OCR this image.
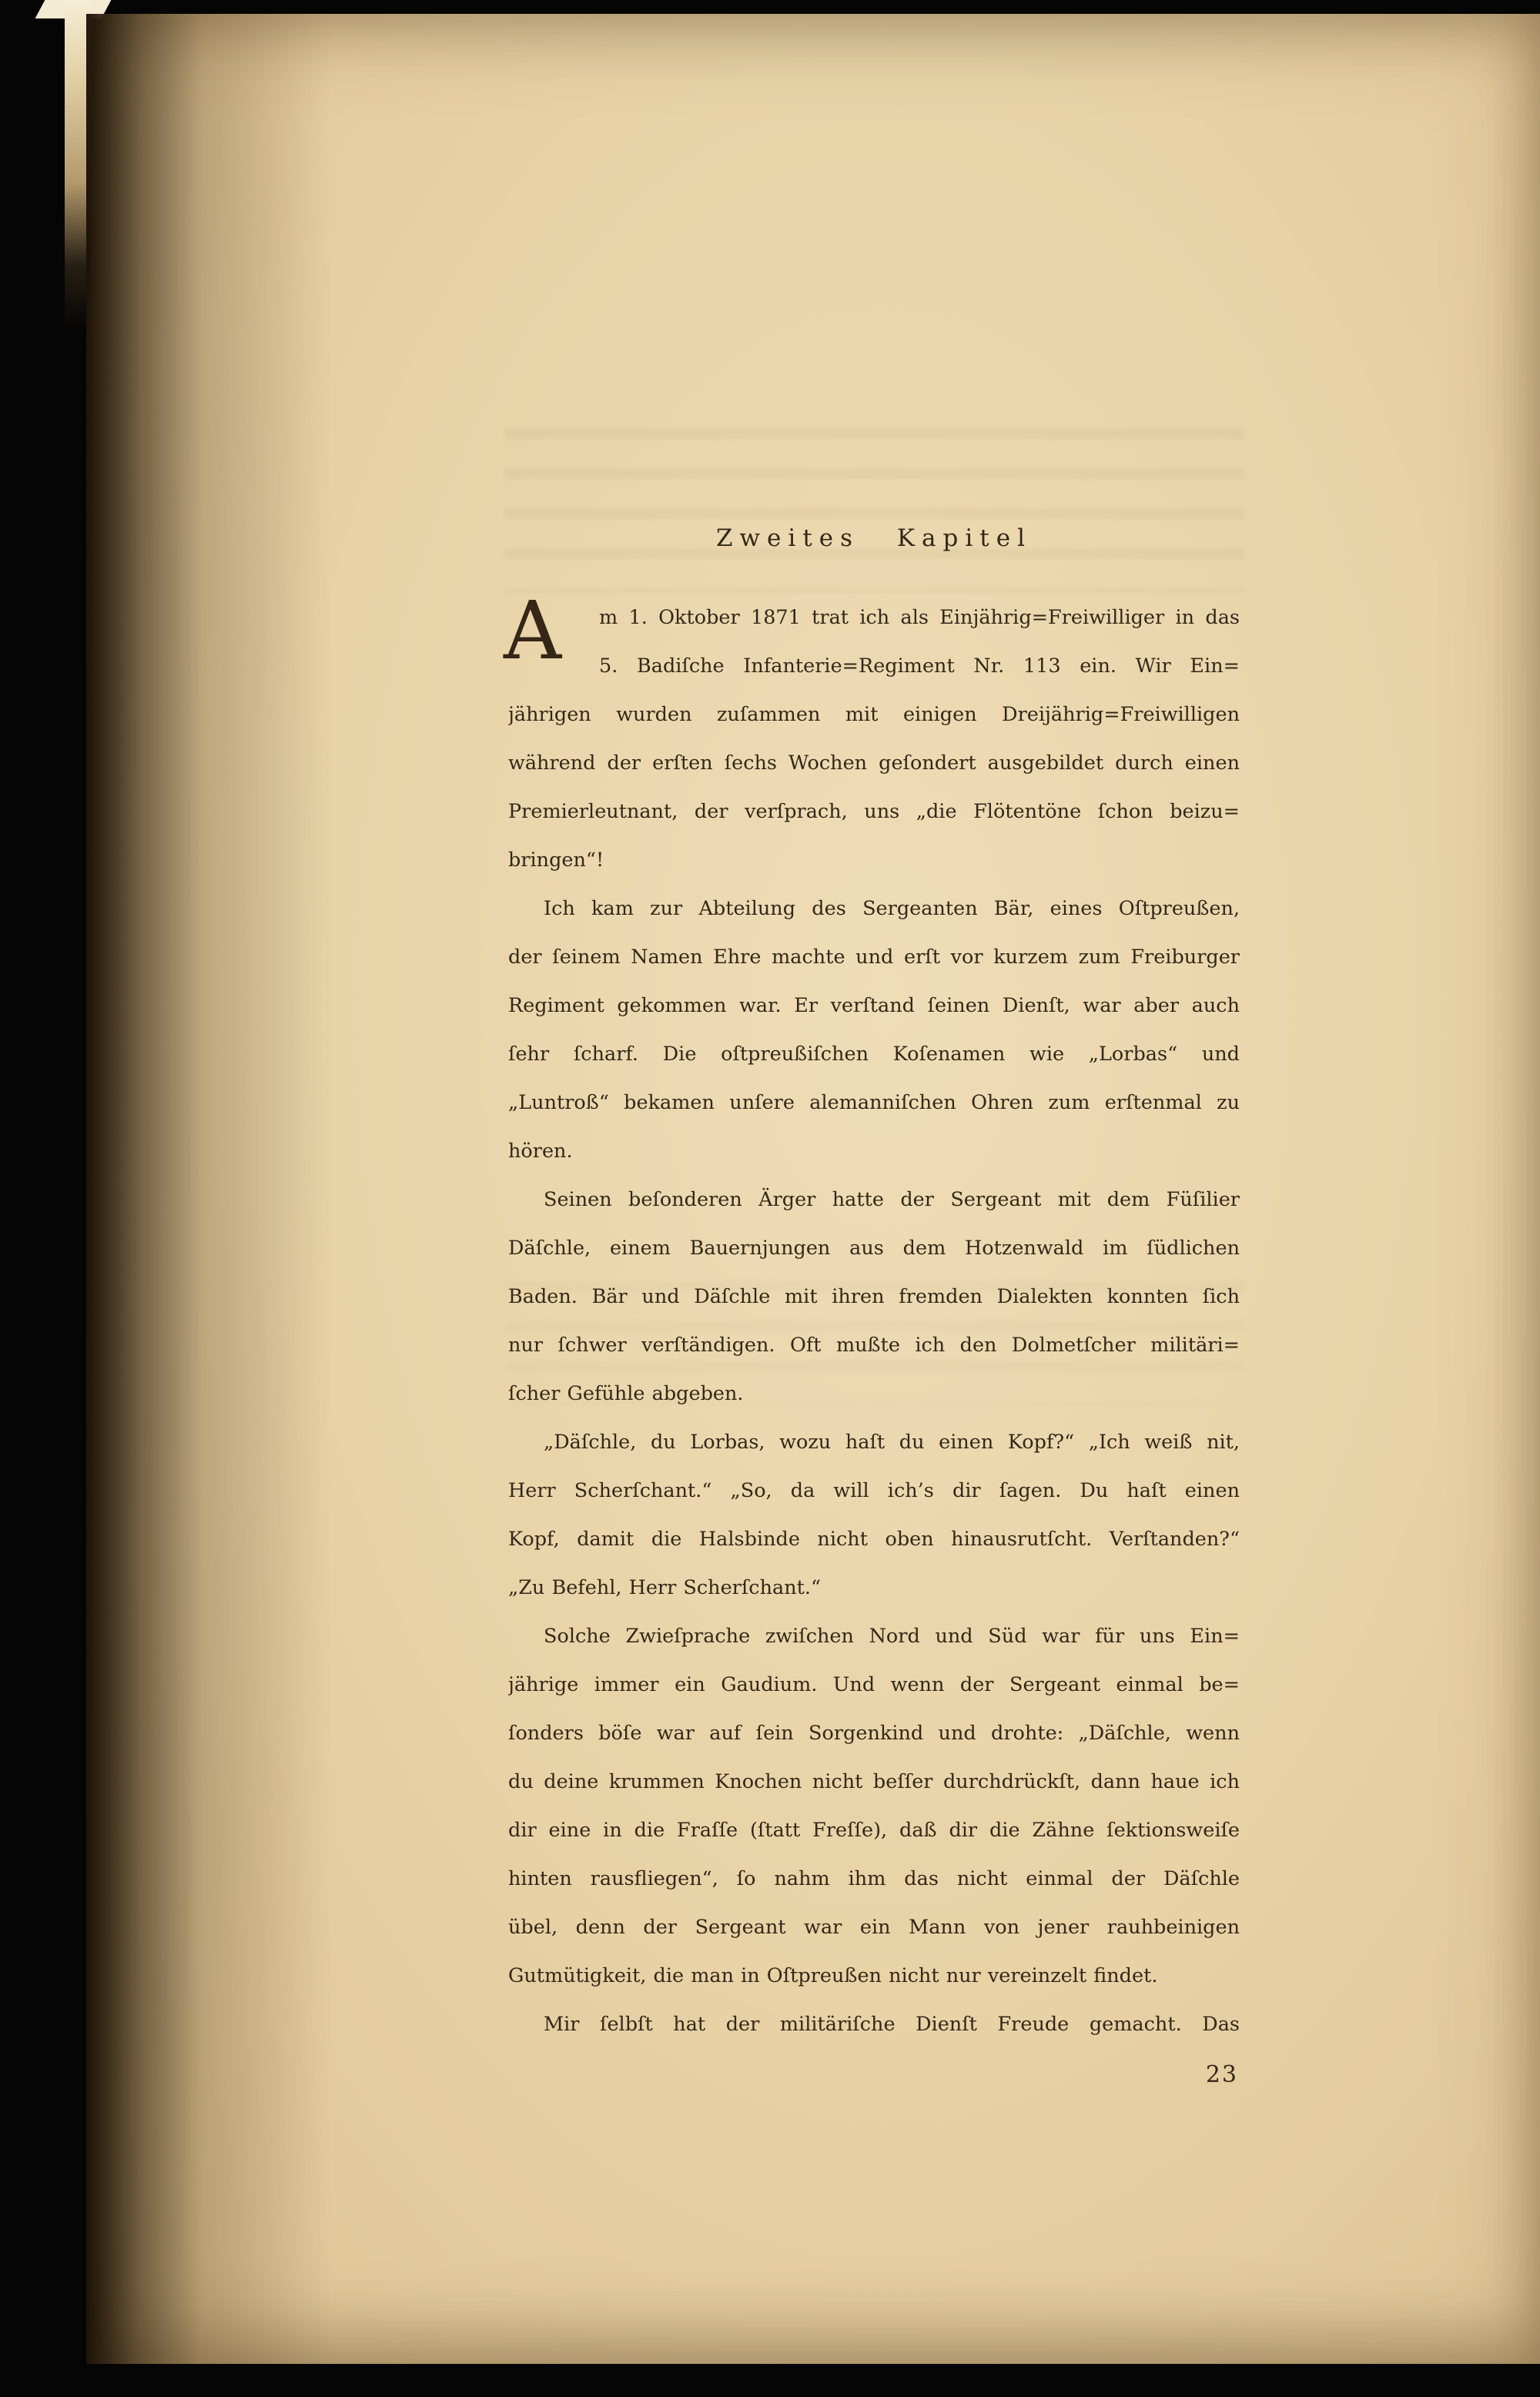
Zweites Kapitel
A	m 1. Oktober 1871 trat ich als Einjährig=Freiwilliger in das
5. Badiſche Infanterie=Regiment Nr. 113 ein. Wir Ein=
jährigen wurden zuſammen mit einigen Dreijährig=Freiwilligen
während der erſten ſechs Wochen geſondert ausgebildet durch einen
Premierleutnant, der verſprach, uns „die Flötentöne ſchon beizu=
bringen“!
Ich kam zur Abteilung des Sergeanten Bär, eines Oſtpreußen,
der ſeinem Namen Ehre machte und erſt vor kurzem zum Freiburger
Regiment gekommen war. Er verſtand ſeinen Dienſt, war aber auch
ſehr ſcharf. Die oſtpreußiſchen Koſenamen wie „Lorbas“ und
„Luntroß“ bekamen unſere alemanniſchen Ohren zum erſtenmal zu
hören.
Seinen beſonderen Ärger hatte der Sergeant mit dem Füſilier
Däſchle, einem Bauernjungen aus dem Hotzenwald im ſüdlichen
Baden. Bär und Däſchle mit ihren fremden Dialekten konnten ſich
nur ſchwer verſtändigen. Oft mußte ich den Dolmetſcher militäri=
ſcher Gefühle abgeben.
„Däſchle, du Lorbas, wozu haſt du einen Kopf?“ „Ich weiß nit,
Herr Scherſchant.“ „So, da will ich’s dir ſagen. Du haſt einen
Kopf, damit die Halsbinde nicht oben hinausrutſcht. Verſtanden?“
„Zu Befehl, Herr Scherſchant.“
Solche Zwieſprache zwiſchen Nord und Süd war für uns Ein=
jährige immer ein Gaudium. Und wenn der Sergeant einmal be=
ſonders böſe war auf ſein Sorgenkind und drohte: „Däſchle, wenn
du deine krummen Knochen nicht beſſer durchdrückſt, dann haue ich
dir eine in die Fraſſe (ſtatt Freſſe), daß dir die Zähne ſektionsweiſe
hinten rausfliegen“, ſo nahm ihm das nicht einmal der Däſchle
übel, denn der Sergeant war ein Mann von jener rauhbeinigen
Gutmütigkeit, die man in Oſtpreußen nicht nur vereinzelt findet.
Mir ſelbſt hat der militäriſche Dienſt Freude gemacht. Das
23
